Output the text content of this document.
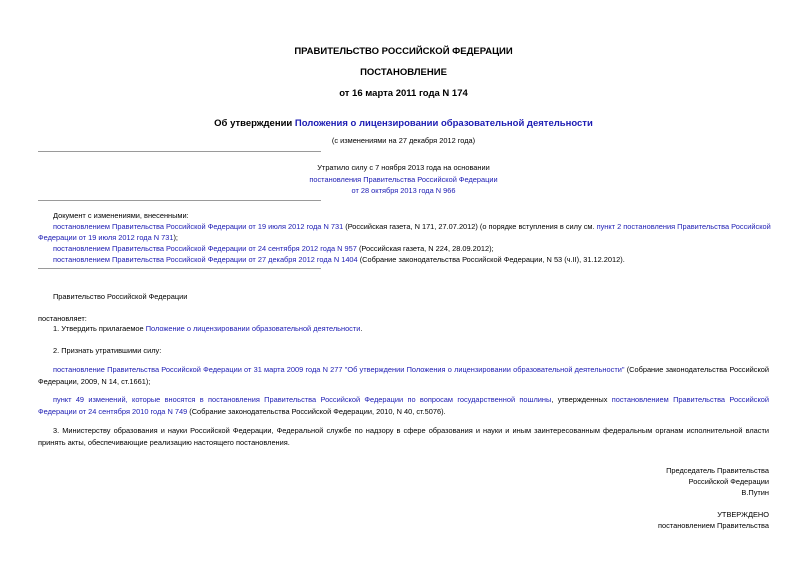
ПРАВИТЕЛЬСТВО РОССИЙСКОЙ ФЕДЕРАЦИИ
ПОСТАНОВЛЕНИЕ
от 16 марта 2011 года N 174
Об утверждении Положения о лицензировании образовательной деятельности
(с изменениями на 27 декабря 2012 года)
Утратило силу с 7 ноября 2013 года на основании
постановления Правительства Российской Федерации
от 28 октября 2013 года N 966
Документ с изменениями, внесенными:
постановлением Правительства Российской Федерации от 19 июля 2012 года N 731 (Российская газета, N 171, 27.07.2012) (о порядке вступления в силу см. пункт 2 постановления Правительства Российской
Федерации от 19 июля 2012 года N 731);
постановлением Правительства Российской Федерации от 24 сентября 2012 года N 957 (Российская газета, N 224, 28.09.2012);
постановлением Правительства Российской Федерации от 27 декабря 2012 года N 1404 (Собрание законодательства Российской Федерации, N 53 (ч.II), 31.12.2012).
Правительство Российской Федерации
постановляет:
1. Утвердить прилагаемое Положение о лицензировании образовательной деятельности.
2. Признать утратившими силу:
постановление Правительства Российской Федерации от 31 марта 2009 года N 277 "Об утверждении Положения о лицензировании образовательной деятельности" (Собрание законодательства Российской Федерации, 2009, N 14, ст.1661);
пункт 49 изменений, которые вносятся в постановления Правительства Российской Федерации по вопросам государственной пошлины, утвержденных постановлением Правительства Российской Федерации от 24 сентября 2010 года N 749 (Собрание законодательства Российской Федерации, 2010, N 40, ст.5076).
3. Министерству образования и науки Российской Федерации, Федеральной службе по надзору в сфере образования и науки и иным заинтересованным федеральным органам исполнительной власти принять акты, обеспечивающие реализацию настоящего постановления.
Председатель Правительства
Российской Федерации
В.Путин
УТВЕРЖДЕНО
постановлением Правительства
